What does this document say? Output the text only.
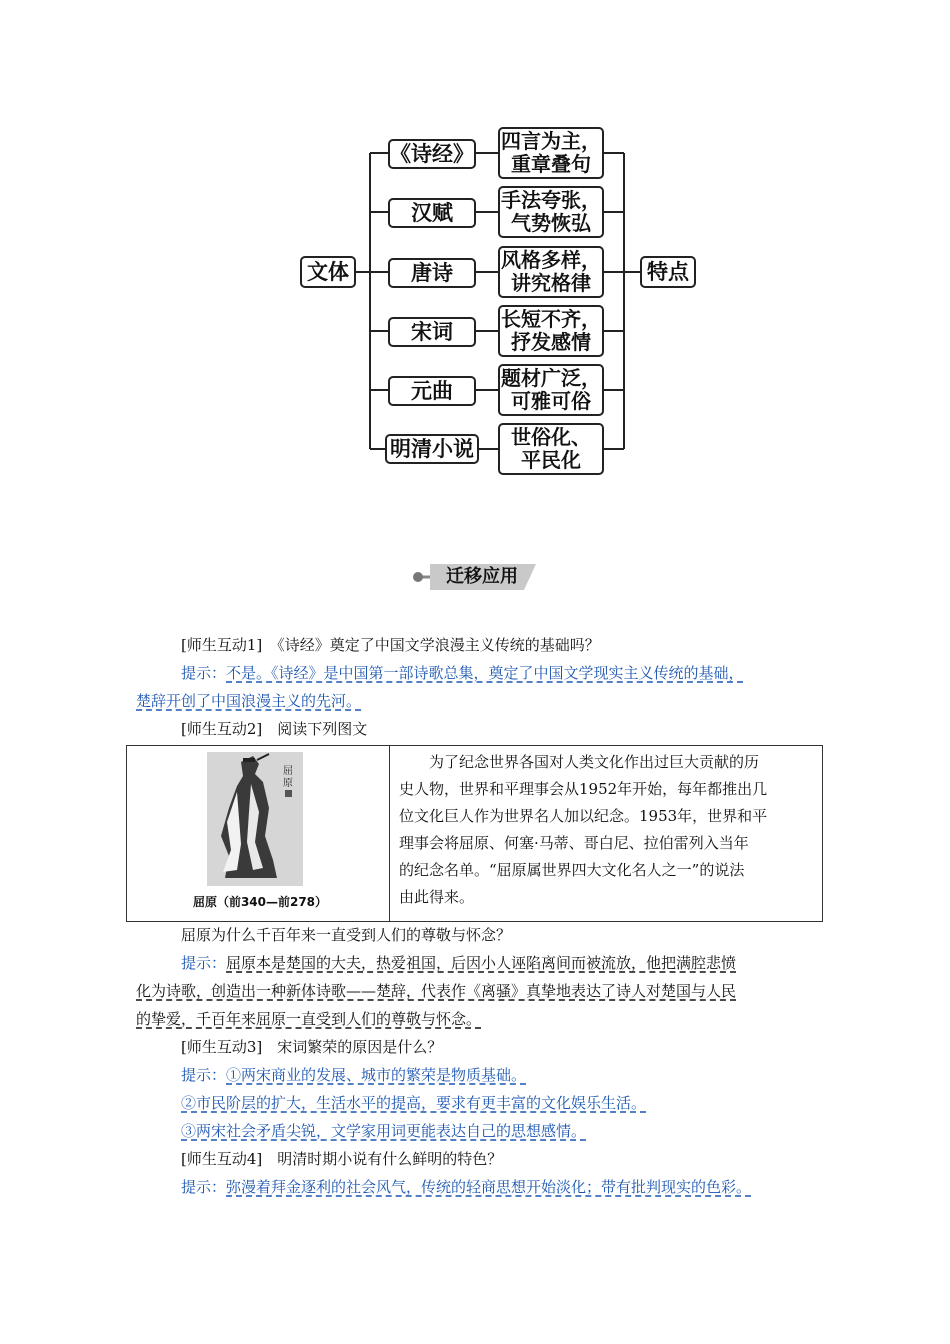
文体	特点
《诗经》
汉赋
唐诗
宋词
元曲
明清小说
四言为主，
重章叠句
手法夸张，
气势恢弘
风格多样，
讲究格律
长短不齐，
抒发感情
题材广泛，
可雅可俗
世俗化、
平民化
迁移应用
[师生互动1]　《诗经》奠定了中国文学浪漫主义传统的基础吗？
提示：不是。《诗经》是中国第一部诗歌总集，奠定了中国文学现实主义传统的基础，
楚辞开创了中国浪漫主义的先河。
[师生互动2]　阅读下列图文
屈
原
屈原（前340—前278）
为了纪念世界各国对人类文化作出过巨大贡献的历
史人物，世界和平理事会从1952年开始，每年都推出几
位文化巨人作为世界名人加以纪念。1953年，世界和平
理事会将屈原、何塞·马蒂、哥白尼、拉伯雷列入当年
的纪念名单。“屈原属世界四大文化名人之一”的说法
由此得来。
屈原为什么千百年来一直受到人们的尊敬与怀念？
提示：屈原本是楚国的大夫，热爱祖国，后因小人诬陷离间而被流放，他把满腔悲愤
化为诗歌，创造出一种新体诗歌——楚辞，代表作《离骚》真挚地表达了诗人对楚国与人民
的挚爱，千百年来屈原一直受到人们的尊敬与怀念。
[师生互动3]　宋词繁荣的原因是什么？
提示：①两宋商业的发展、城市的繁荣是物质基础。
②市民阶层的扩大，生活水平的提高，要求有更丰富的文化娱乐生活。
③两宋社会矛盾尖锐，文学家用词更能表达自己的思想感情。
[师生互动4]　明清时期小说有什么鲜明的特色？
提示：弥漫着拜金逐利的社会风气，传统的轻商思想开始淡化；带有批判现实的色彩。
